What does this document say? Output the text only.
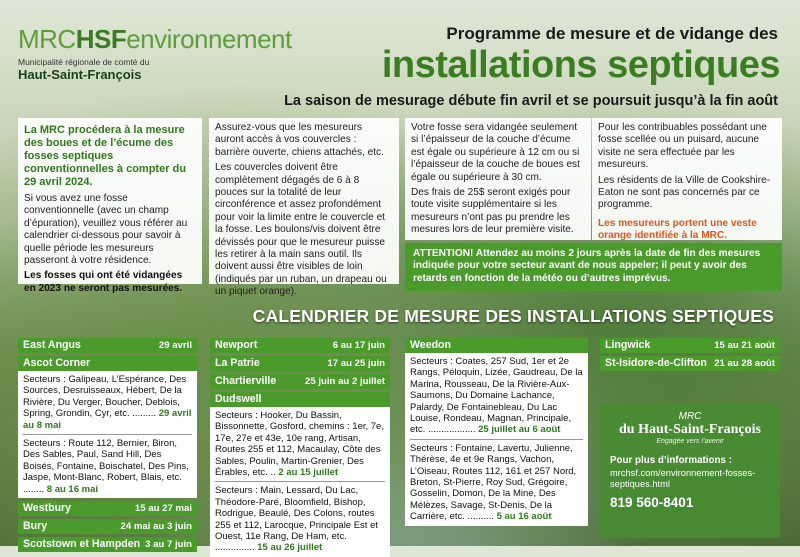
MRCHSFenvironnement
Municipalité régionale de comté du
Haut-Saint-François
Programme de mesure et de vidange des
installations septiques
La saison de mesurage débute fin avril et se poursuit jusqu’à la fin août

La MRC procédera à la mesure des boues et de l’écume des fosses septiques conventionnelles à compter du 29 avril 2024.

Si vous avez une fosse conventionnelle (avec un champ d’épuration), veuillez vous référer au calendrier ci-dessous pour savoir à quelle période les mesureurs passeront à votre résidence.

Les fosses qui ont été vidangées en 2023 ne seront pas mesurées.

Assurez-vous que les mesureurs auront accès à vos couvercles : barrière ouverte, chiens attachés, etc.

Les couvercles doivent être complètement dégagés de 6 à 8 pouces sur la totalité de leur circonférence et assez profondément pour voir la limite entre le couvercle et la fosse. Les boulons/vis doivent être dévissés pour que le mesureur puisse les retirer à la main sans outil. Ils doivent aussi être visibles de loin (indiqués par un ruban, un drapeau ou un piquet orange).

Votre fosse sera vidangée seulement si l’épaisseur de la couche d’écume est égale ou supérieure à 12 cm ou si l’épaisseur de la couche de boues est égale ou supérieure à 30 cm.

Des frais de 25$ seront exigés pour toute visite supplémentaire si les mesureurs n’ont pas pu prendre les mesures lors de leur première visite.

Pour les contribuables possédant une fosse scellée ou un puisard, aucune visite ne sera effectuée par les mesureurs.

Les résidents de la Ville de Cookshire-Eaton ne sont pas concernés par ce programme.

Les mesureurs portent une veste orange identifiée à la MRC.

ATTENTION! Attendez au moins 2 jours après la date de fin des mesures indiquée pour votre secteur avant de nous appeler; il peut y avoir des retards en fonction de la météo ou d’autres imprévus.
CALENDRIER DE MESURE DES INSTALLATIONS SEPTIQUES
East Angus	29 avril
Ascot Corner
Secteurs : Galipeau, L’Espérance, Des Sources, Desruisseaux, Hébert, De la Rivière, Du Verger, Boucher, Deblois, Spring, Grondin, Cyr, etc. ......... 29 avril au 8 mai
Secteurs : Route 112, Bernier, Biron, Des Sables, Paul, Sand Hill, Des Boisés, Fontaine, Boischatel, Des Pins, Jaspe, Mont-Blanc, Robert, Blais, etc. ........ 8 au 16 mai
Westbury	15 au 27 mai
Bury	24 mai au 3 juin
Scotstown et Hampden 3 au 7 juin
Newport	6 au 17 juin
La Patrie	17 au 25 juin
Chartierville	25 juin au 2 juillet
Dudswell
Secteurs : Hooker, Du Bassin, Bissonnette, Gosford, chemins : 1er, 7e, 17e, 27e et 43e, 10e rang, Artisan, Routes 255 et 112, Macaulay, Côte des Sables, Poulin, Martin-Grenier, Des Érables, etc. .. 2 au 15 juillet
Secteurs : Main, Lessard, Du Lac, Théodore-Paré, Bloomfield, Bishop, Rodrigue, Beaulé, Des Colons, routes 255 et 112, Larocque, Principale Est et Ouest, 11e Rang, De Ham, etc. ............... 15 au 26 juillet
Weedon
Secteurs : Coates, 257 Sud, 1er et 2e Rangs, Péloquin, Lizée, Gaudreau, De la Marina, Rousseau, De la Rivière-Aux-Saumons, Du Domaine Lachance, Palardy, De Fontainebleau, Du Lac Louise, Rondeau, Magnan, Principale, etc. .................. 25 juillet au 6 août
Secteurs : Fontaine, Lavertu, Julienne, Thérèse, 4e et 9e Rangs, Vachon, L’Oiseau, Routes 112, 161 et 257 Nord, Breton, St-Pierre, Roy Sud, Grégoire, Gosselin, Domon, De la Mine, Des Mélèzes, Savage, St-Denis, De la Carrière, etc. .......... 5 au 16 août
Lingwick	15 au 21 août
St-Isidore-de-Clifton 21 au 28 août
MRC
du Haut-Saint-François
Engagée vers l’avenir
Pour plus d’informations :
mrchsf.com/environnement-fosses-septiques.html
819 560-8401
